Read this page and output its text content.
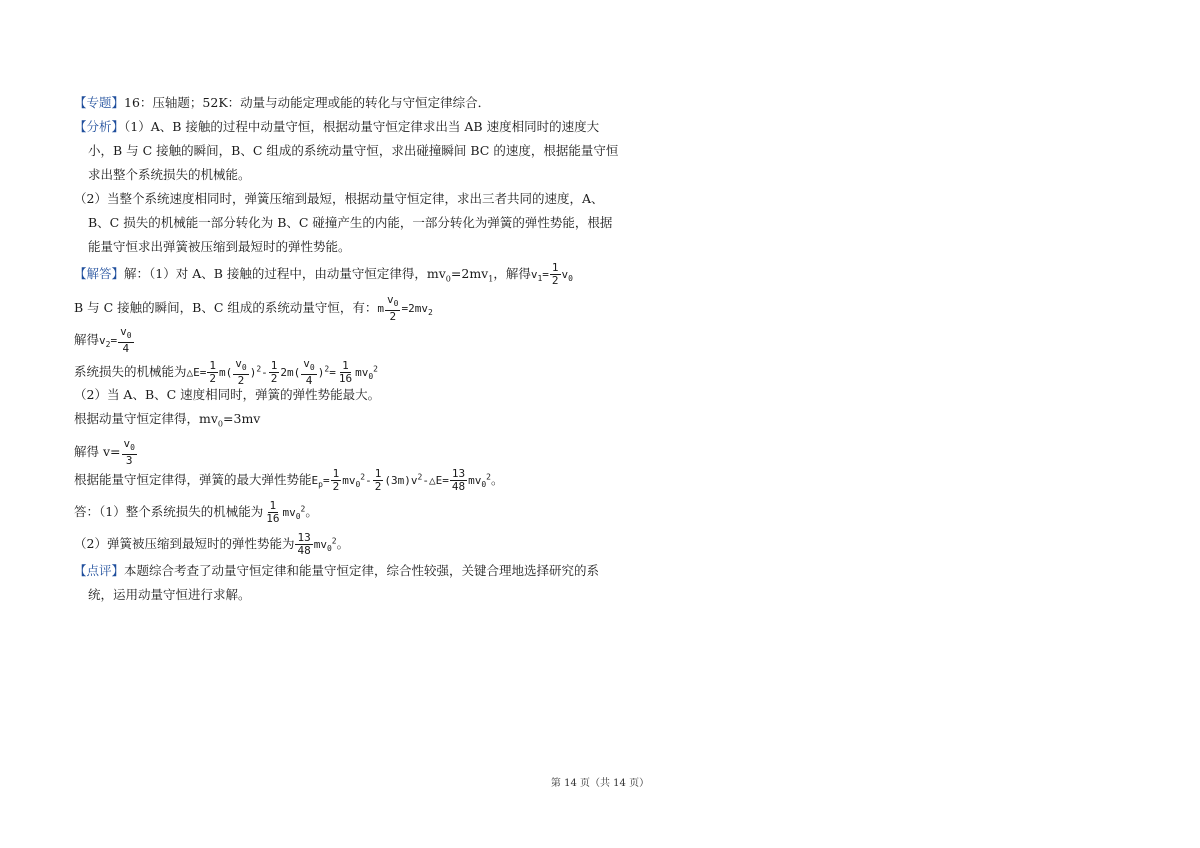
【专题】16：压轴题；52K：动量与动能定理或能的转化与守恒定律综合．
【分析】（1）A、B 接触的过程中动量守恒，根据动量守恒定律求出当 AB 速度相同时的速度大
小，B 与 C 接触的瞬间，B、C 组成的系统动量守恒，求出碰撞瞬间 BC 的速度，根据能量守恒
求出整个系统损失的机械能。
（2）当整个系统速度相同时，弹簧压缩到最短，根据动量守恒定律，求出三者共同的速度，A、
B、C 损失的机械能一部分转化为 B、C 碰撞产生的内能，一部分转化为弹簧的弹性势能，根据
能量守恒求出弹簧被压缩到最短时的弹性势能。
【解答】解：（1）对 A、B 接触的过程中，由动量守恒定律得，$mv_0=2mv_1$，解得$v_1= \frac{1}{2} v_0$
B 与 C 接触的瞬间，B、C 组成的系统动量守恒，有：m $\frac{v_0}{2} =2mv_2$
解得$v_2= \frac{v_0}{4}$
系统损失的机械能为△E= $\frac{1}{2} m( \frac{v_0}{2} )^2- \frac{1}{2} 2m( \frac{v_0}{4} )^2= \frac{1}{16} mv_0^2$
（2）当 A、B、C 速度相同时，弹簧的弹性势能最大。
根据动量守恒定律得，$mv_0=3mv$
解得 $v= \frac{v_0}{3}$
根据能量守恒定律得，弹簧的最大弹性势能$E_p= \frac{1}{2} mv_0^2- \frac{1}{2}$ $(3m)v^2-\triangle E= \frac{13}{48} mv_0^2$。
答：（1）整个系统损失的机械能为 $\frac{1}{16} mv_0^2$。
（2）弹簧被压缩到最短时的弹性势能为 $\frac{13}{48} mv_0^2$。
【点评】本题综合考查了动量守恒定律和能量守恒定律，综合性较强，关键合理地选择研究的系
统，运用动量守恒进行求解。
第 14 页（共 14 页）
